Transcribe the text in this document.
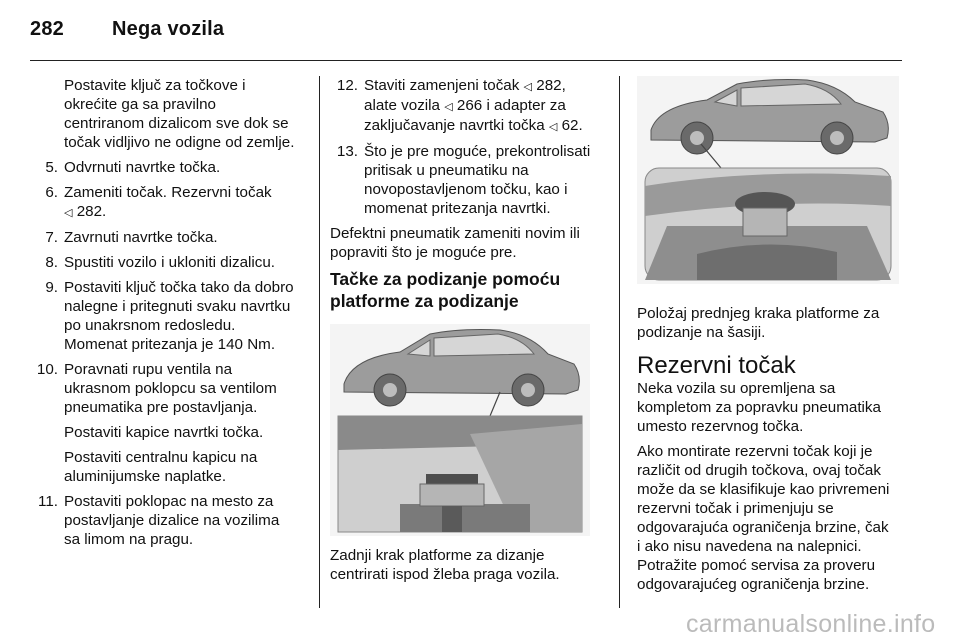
282 Nega vozila

Postavite ključ za točkove i
okrećite ga sa pravilno
centriranom dizalicom sve dok se
točak vidljivo ne odigne od zemlje.

5. Odvrnuti navrtke točka.
6. Zameniti točak. Rezervni točak
◁ 282.
7. Zavrnuti navrtke točka.
8. Spustiti vozilo i ukloniti dizalicu.
9. Postaviti ključ točka tako da dobro
nalegne i pritegnuti svaku navrtku
po unakrsnom redosledu.
Momenat pritezanja je 140 Nm.
10. Poravnati rupu ventila na
ukrasnom poklopcu sa ventilom
pneumatika pre postavljanja.

Postaviti kapice navrtki točka.

Postaviti centralnu kapicu na
aluminijumske naplatke.

11. Postaviti poklopac na mesto za
postavljanje dizalice na vozilima
sa limom na pragu.
12. Staviti zamenjeni točak ◁ 282,
alate vozila ◁ 266 i adapter za
zaključavanje navrtki točka ◁ 62.
13. Što je pre moguće, prekontrolisati
pritisak u pneumatiku na
novopostavljenom točku, kao i
momenat pritezanja navrtki.

Defektni pneumatik zameniti novim ili
popraviti što je moguće pre.

Tačke za podizanje pomoću
platforme za podizanje

Zadnji krak platforme za dizanje
centrirati ispod žleba praga vozila.

Položaj prednjeg kraka platforme za
podizanje na šasiji.

Rezervni točak

Neka vozila su opremljena sa
kompletom za popravku pneumatika
umesto rezervnog točka.

Ako montirate rezervni točak koji je
različit od drugih točkova, ovaj točak
može da se klasifikuje kao privremeni
rezervni točak i primenjuju se
odgovarajuća ograničenja brzine, čak
i ako nisu navedena na nalepnici.
Potražite pomoć servisa za proveru
odgovarajućeg ograničenja brzine.

carmanualsonline.info
